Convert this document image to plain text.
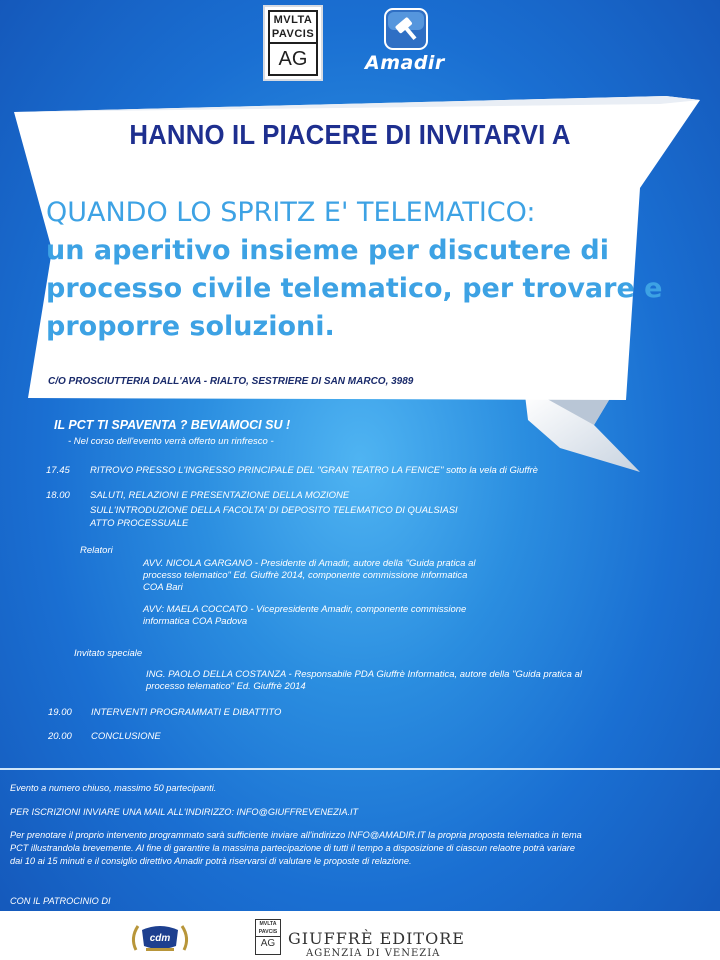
MVLTA
PAVCIS
AG	Amadir
HANNO IL PIACERE DI INVITARVI A
QUANDO LO SPRITZ E' TELEMATICO:
un aperitivo insieme per discutere di
processo civile telematico, per trovare e
proporre soluzioni.
C/O PROSCIUTTERIA DALL'AVA - RIALTO, SESTRIERE DI SAN MARCO, 3989
IL PCT TI SPAVENTA ? BEVIAMOCI SU !
- Nel corso dell'evento verrà offerto un rinfresco -
17.45 RITROVO PRESSO L'INGRESSO PRINCIPALE DEL "GRAN TEATRO LA FENICE" sotto la vela di Giuffrè
18.00 SALUTI, RELAZIONI E PRESENTAZIONE DELLA MOZIONE
SULL'INTRODUZIONE DELLA FACOLTA' DI DEPOSITO TELEMATICO DI QUALSIASI
ATTO PROCESSUALE
Relatori
AVV. NICOLA GARGANO - Presidente di Amadir, autore della "Guida pratica al
processo telematico" Ed. Giuffrè 2014, componente commissione informatica
COA Bari
AVV: MAELA COCCATO - Vicepresidente Amadir, componente commissione
informatica COA Padova
Invitato speciale
ING. PAOLO DELLA COSTANZA - Responsabile PDA Giuffrè Informatica, autore della "Guida pratica al
processo telematico" Ed. Giuffrè 2014
19.00 INTERVENTI PROGRAMMATI E DIBATTITO
20.00 CONCLUSIONE
Evento a numero chiuso, massimo 50 partecipanti.
PER ISCRIZIONI INVIARE UNA MAIL ALL'INDIRIZZO: INFO@GIUFFREVENEZIA.IT
Per prenotare il proprio intervento programmato sarà sufficiente inviare all'indirizzo INFO@AMADIR.IT la propria proposta telematica in tema
PCT illustrandola brevemente. Al fine di garantire la massima partecipazione di tutti il tempo a disposizione di ciascun relaotre potrà variare
dai 10 ai 15 minuti e il consiglio direttivo Amadir potrà riservarsi di valutare le proposte di relazione.
CON IL PATROCINIO DI
cdm
MVLTA
PAVCIS
AG GIUFFRÈ EDITORE
AGENZIA DI VENEZIA
